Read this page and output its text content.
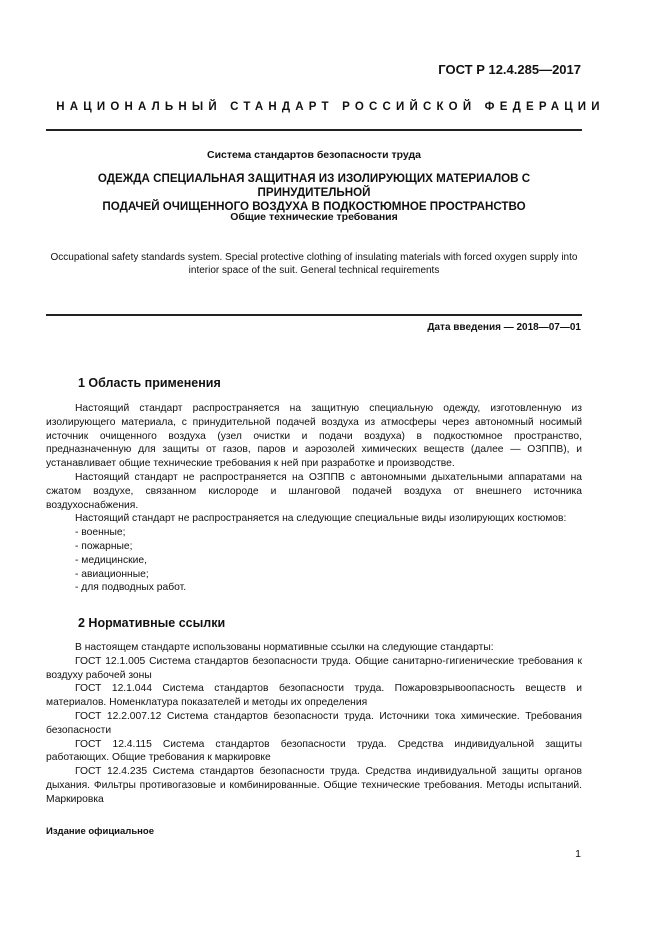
ГОСТ Р 12.4.285—2017
НАЦИОНАЛЬНЫЙ СТАНДАРТ РОССИЙСКОЙ ФЕДЕРАЦИИ
Система стандартов безопасности труда
ОДЕЖДА СПЕЦИАЛЬНАЯ ЗАЩИТНАЯ ИЗ ИЗОЛИРУЮЩИХ МАТЕРИАЛОВ С ПРИНУДИТЕЛЬНОЙ
ПОДАЧЕЙ ОЧИЩЕННОГО ВОЗДУХА В ПОДКОСТЮМНОЕ ПРОСТРАНСТВО
Общие технические требования
Occupational safety standards system. Special protective clothing of insulating materials with forced oxygen supply into interior space of the suit. General technical requirements
Дата введения — 2018—07—01
1 Область применения

Настоящий стандарт распространяется на защитную специальную одежду, изготовленную из изолирующего материала, с принудительной подачей воздуха из атмосферы через автономный носимый источник очищенного воздуха (узел очистки и подачи воздуха) в подкостюмное пространство, предназначенную для защиты от газов, паров и аэрозолей химических веществ (далее — ОЗППВ), и устанавливает общие технические требования к ней при разработке и производстве.

Настоящий стандарт не распространяется на ОЗППВ с автономными дыхательными аппаратами на сжатом воздухе, связанном кислороде и шланговой подачей воздуха от внешнего источника воздухоснабжения.

Настоящий стандарт не распространяется на следующие специальные виды изолирующих костюмов:

- военные;
- пожарные;
- медицинские,
- авиационные;
- для подводных работ.
2 Нормативные ссылки

В настоящем стандарте использованы нормативные ссылки на следующие стандарты:

ГОСТ 12.1.005 Система стандартов безопасности труда. Общие санитарно-гигиенические требования к воздуху рабочей зоны

ГОСТ 12.1.044 Система стандартов безопасности труда. Пожаровзрывоопасность веществ и материалов. Номенклатура показателей и методы их определения

ГОСТ 12.2.007.12 Система стандартов безопасности труда. Источники тока химические. Требования безопасности

ГОСТ 12.4.115 Система стандартов безопасности труда. Средства индивидуальной защиты работающих. Общие требования к маркировке

ГОСТ 12.4.235 Система стандартов безопасности труда. Средства индивидуальной защиты органов дыхания. Фильтры противогазовые и комбинированные. Общие технические требования. Методы испытаний. Маркировка

Издание официальное
1
